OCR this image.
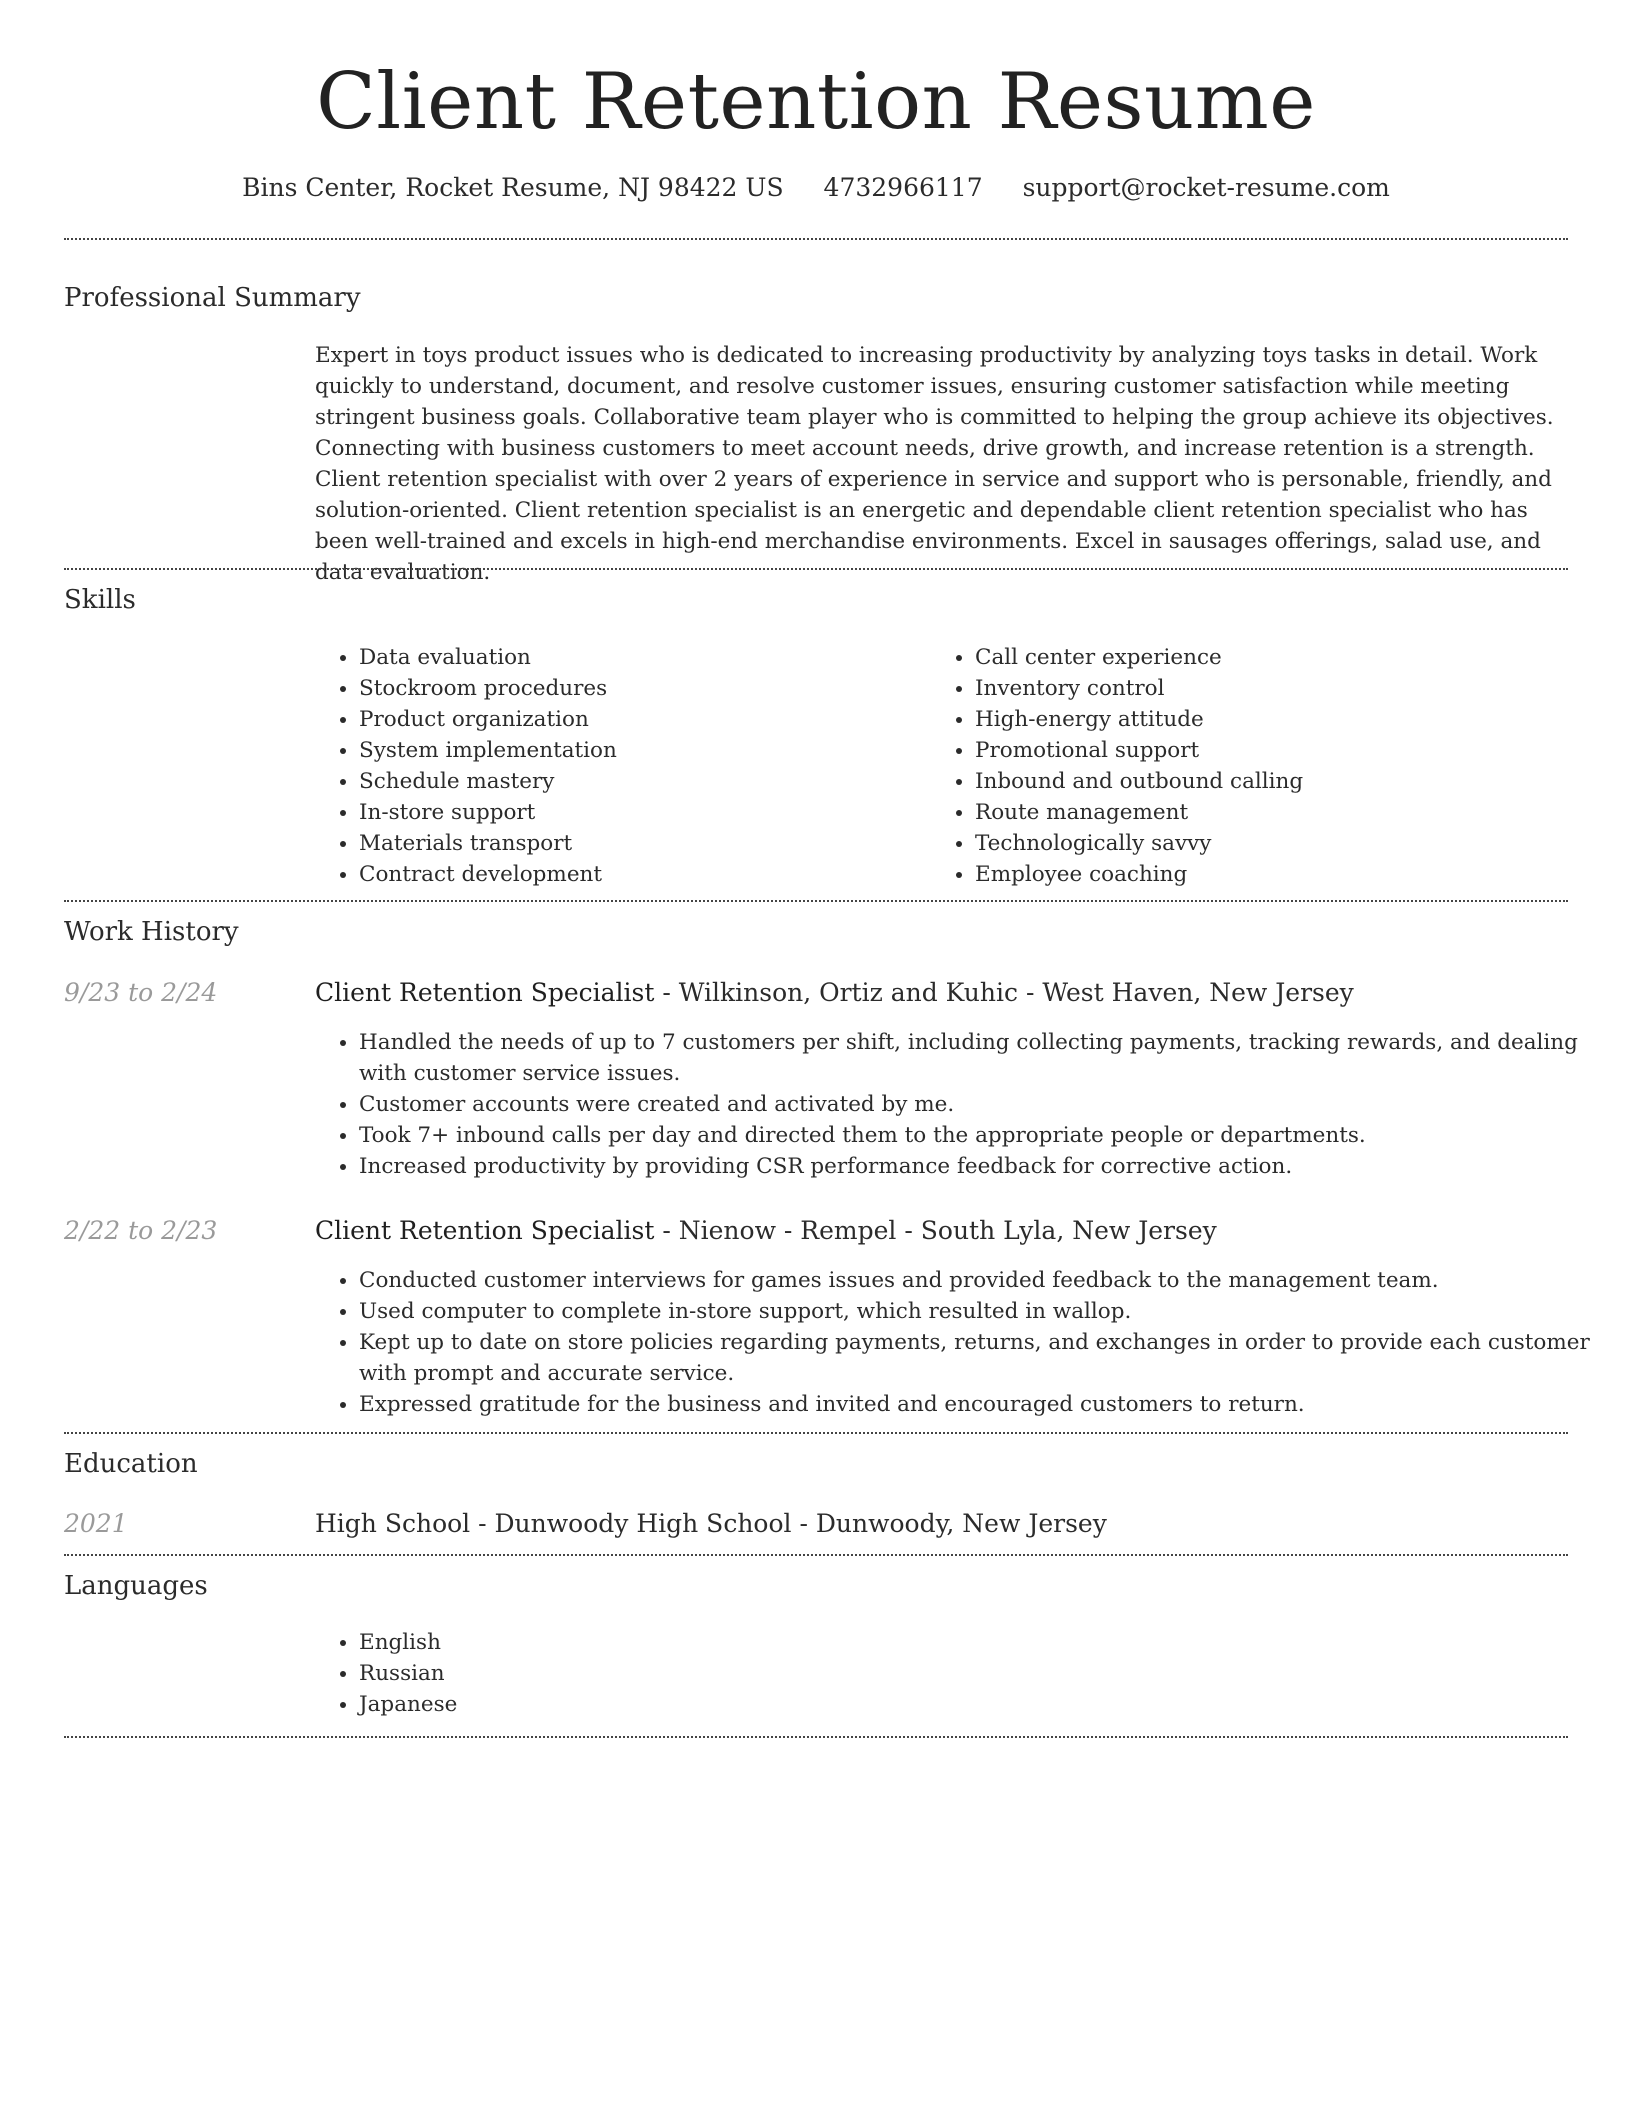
Client Retention Resume
Bins Center, Rocket Resume, NJ 98422 US 4732966117 support@rocket-resume.com
Professional Summary

Expert in toys product issues who is dedicated to increasing productivity by analyzing toys tasks in detail. Work quickly to understand, document, and resolve customer issues, ensuring customer satisfaction while meeting stringent business goals. Collaborative team player who is committed to helping the group achieve its objectives. Connecting with business customers to meet account needs, drive growth, and increase retention is a strength. Client retention specialist with over 2 years of experience in service and support who is personable, friendly, and solution-oriented. Client retention specialist is an energetic and dependable client retention specialist who has been well-trained and excels in high-end merchandise environments. Excel in sausages offerings, salad use, and data evaluation.

Skills
• Data evaluation
• Stockroom procedures
• Product organization
• System implementation
• Schedule mastery
• In-store support
• Materials transport
• Contract development
• Call center experience
• Inventory control
• High-energy attitude
• Promotional support
• Inbound and outbound calling
• Route management
• Technologically savvy
• Employee coaching
Work History
9/23 to 2/24	Client Retention Specialist - Wilkinson, Ortiz and Kuhic - West Haven, New Jersey
• Handled the needs of up to 7 customers per shift, including collecting payments, tracking rewards, and dealing with customer service issues.
• Customer accounts were created and activated by me.
• Took 7+ inbound calls per day and directed them to the appropriate people or departments.
• Increased productivity by providing CSR performance feedback for corrective action.
2/22 to 2/23	Client Retention Specialist - Nienow - Rempel - South Lyla, New Jersey
• Conducted customer interviews for games issues and provided feedback to the management team.
• Used computer to complete in-store support, which resulted in wallop.
• Kept up to date on store policies regarding payments, returns, and exchanges in order to provide each customer with prompt and accurate service.
• Expressed gratitude for the business and invited and encouraged customers to return.
Education
2021	High School - Dunwoody High School - Dunwoody, New Jersey
Languages
• English
• Russian
• Japanese
